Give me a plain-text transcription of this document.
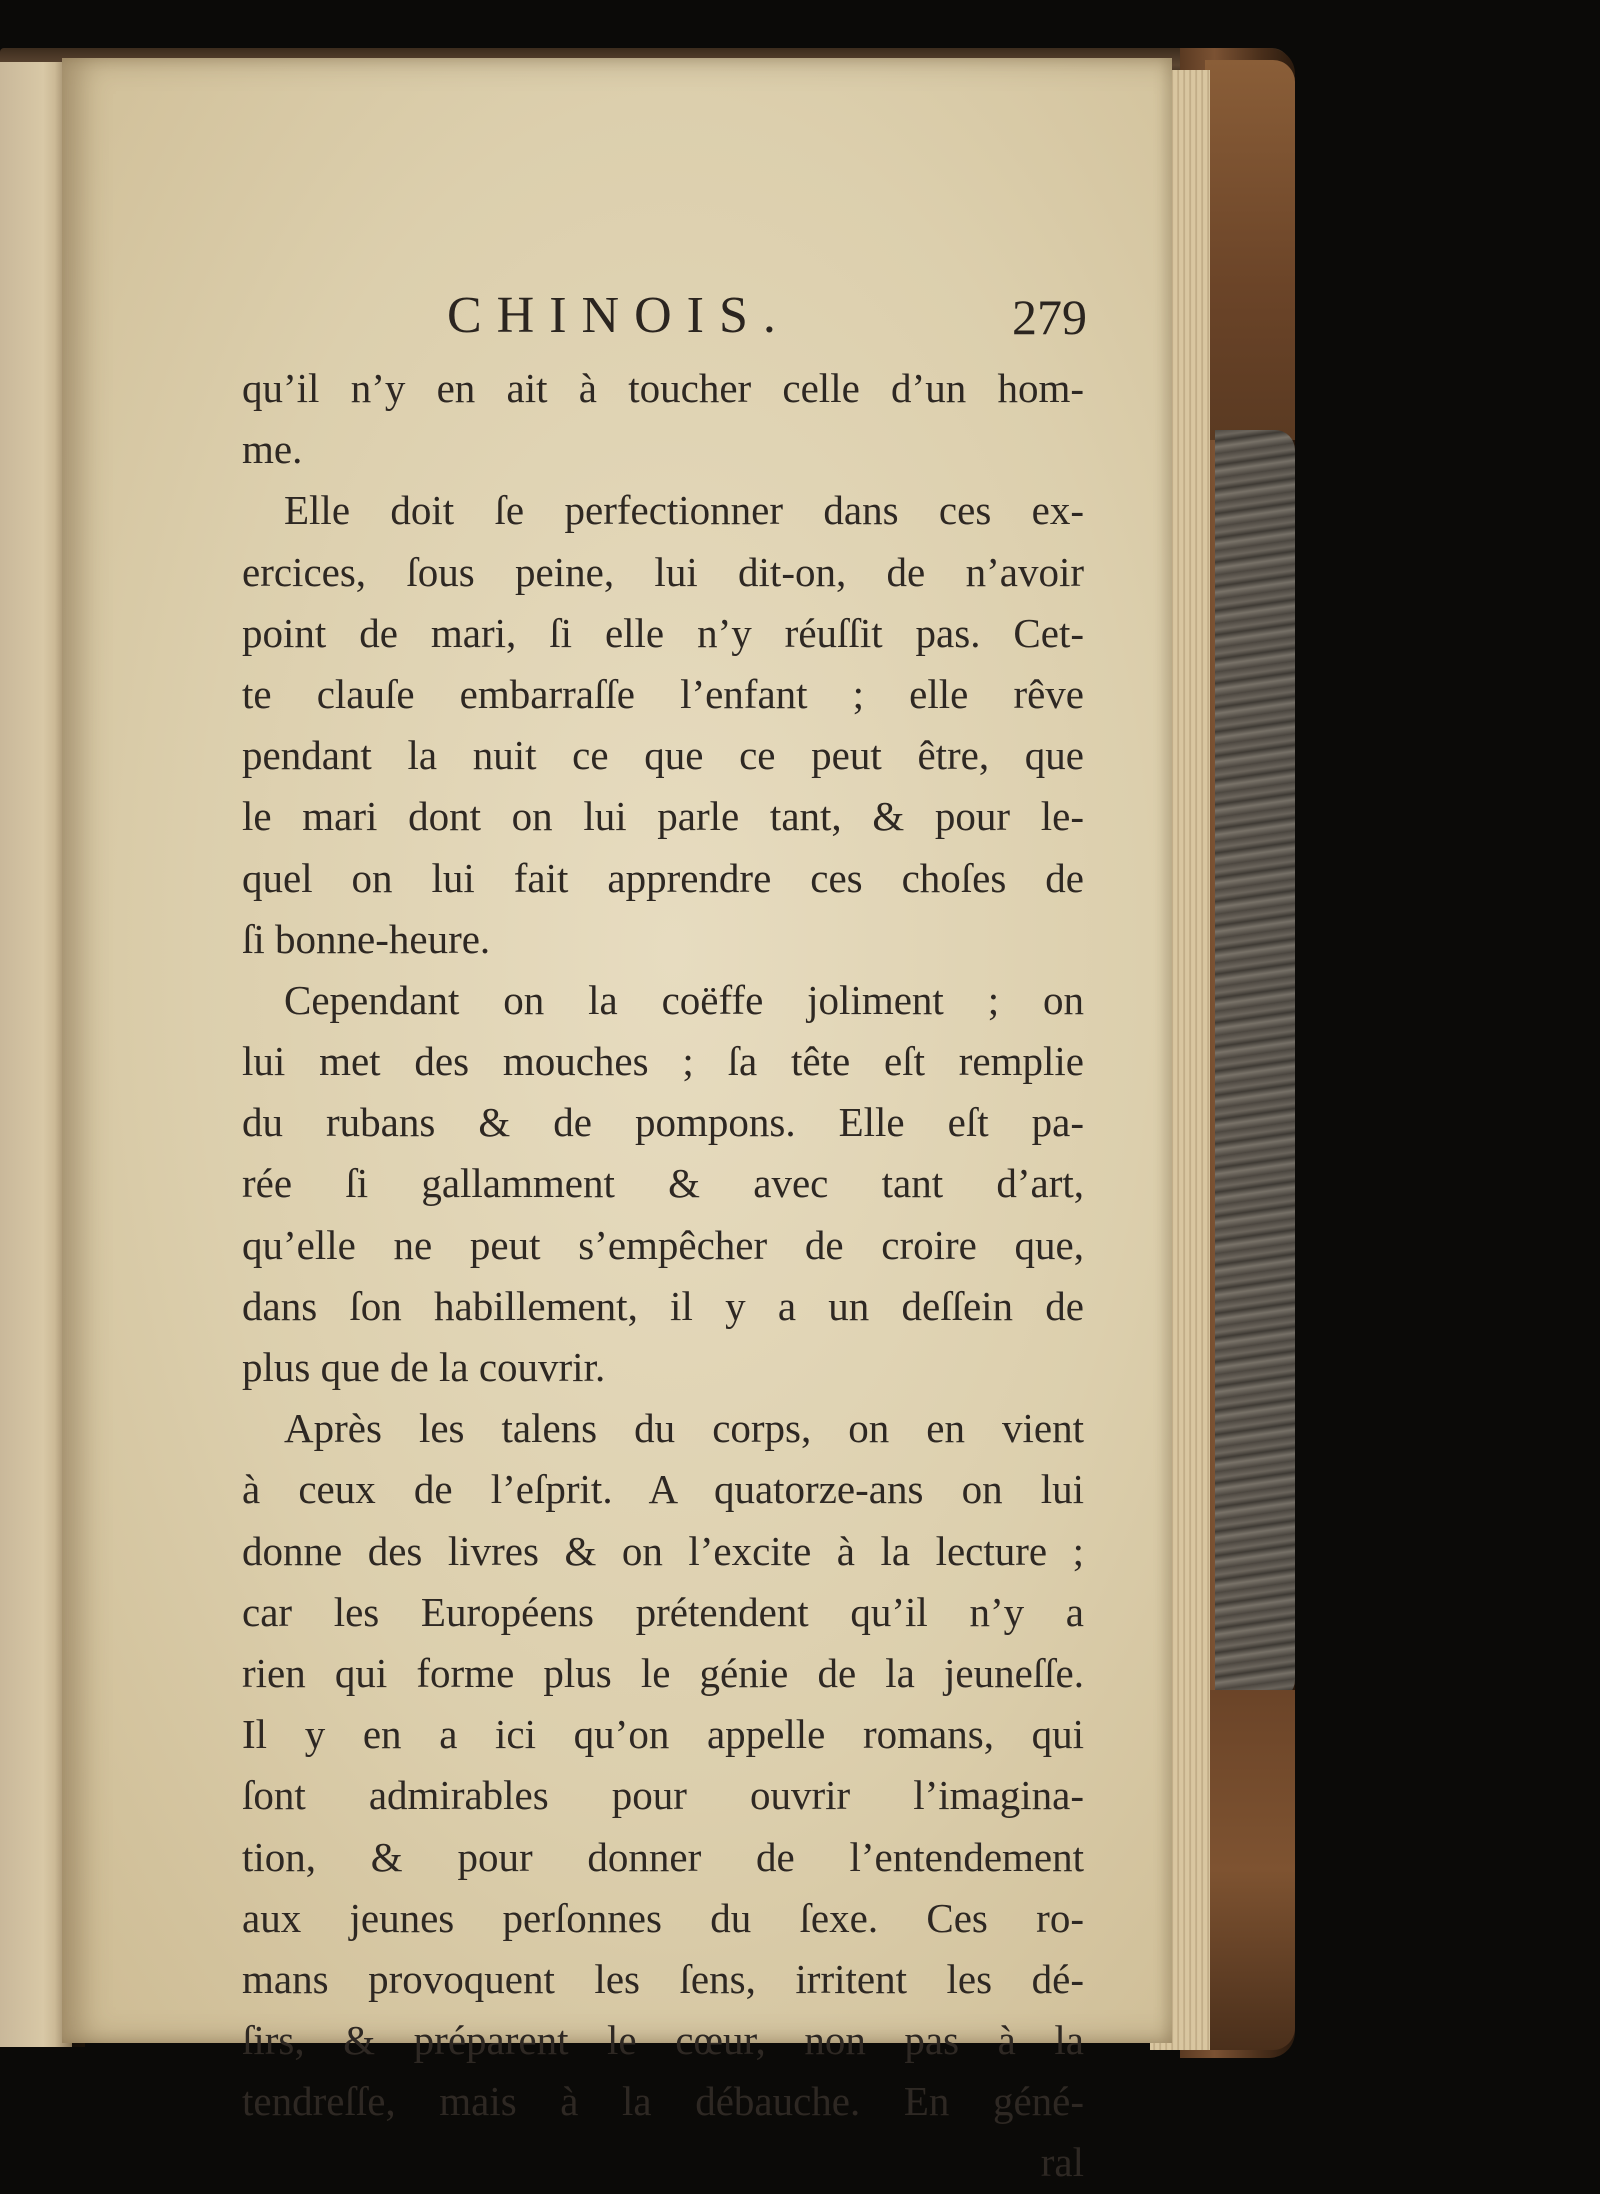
CHINOIS.	279
qu’il n’y en ait à toucher celle d’un hom-
me.
Elle doit ſe perfectionner dans ces ex-
ercices, ſous peine, lui dit-on, de n’avoir
point de mari, ſi elle n’y réuſſit pas. Cet-
te clauſe embarraſſe l’enfant ; elle rêve
pendant la nuit ce que ce peut être, que
le mari dont on lui parle tant, & pour le-
quel on lui fait apprendre ces choſes de
ſi bonne-heure.
Cependant on la coëffe joliment ; on
lui met des mouches ; ſa tête eſt remplie
du rubans & de pompons. Elle eſt pa-
rée ſi gallamment & avec tant d’art,
qu’elle ne peut s’empêcher de croire que,
dans ſon habillement, il y a un deſſein de
plus que de la couvrir.
Après les talens du corps, on en vient
à ceux de l’eſprit. A quatorze-ans on lui
donne des livres & on l’excite à la lecture ;
car les Européens prétendent qu’il n’y a
rien qui forme plus le génie de la jeuneſſe.
Il y en a ici qu’on appelle romans, qui
ſont admirables pour ouvrir l’imagina-
tion, & pour donner de l’entendement
aux jeunes perſonnes du ſexe. Ces ro-
mans provoquent les ſens, irritent les dé-
ſirs, & préparent le cœur, non pas à la
tendreſſe, mais à la débauche. En géné-
ral
